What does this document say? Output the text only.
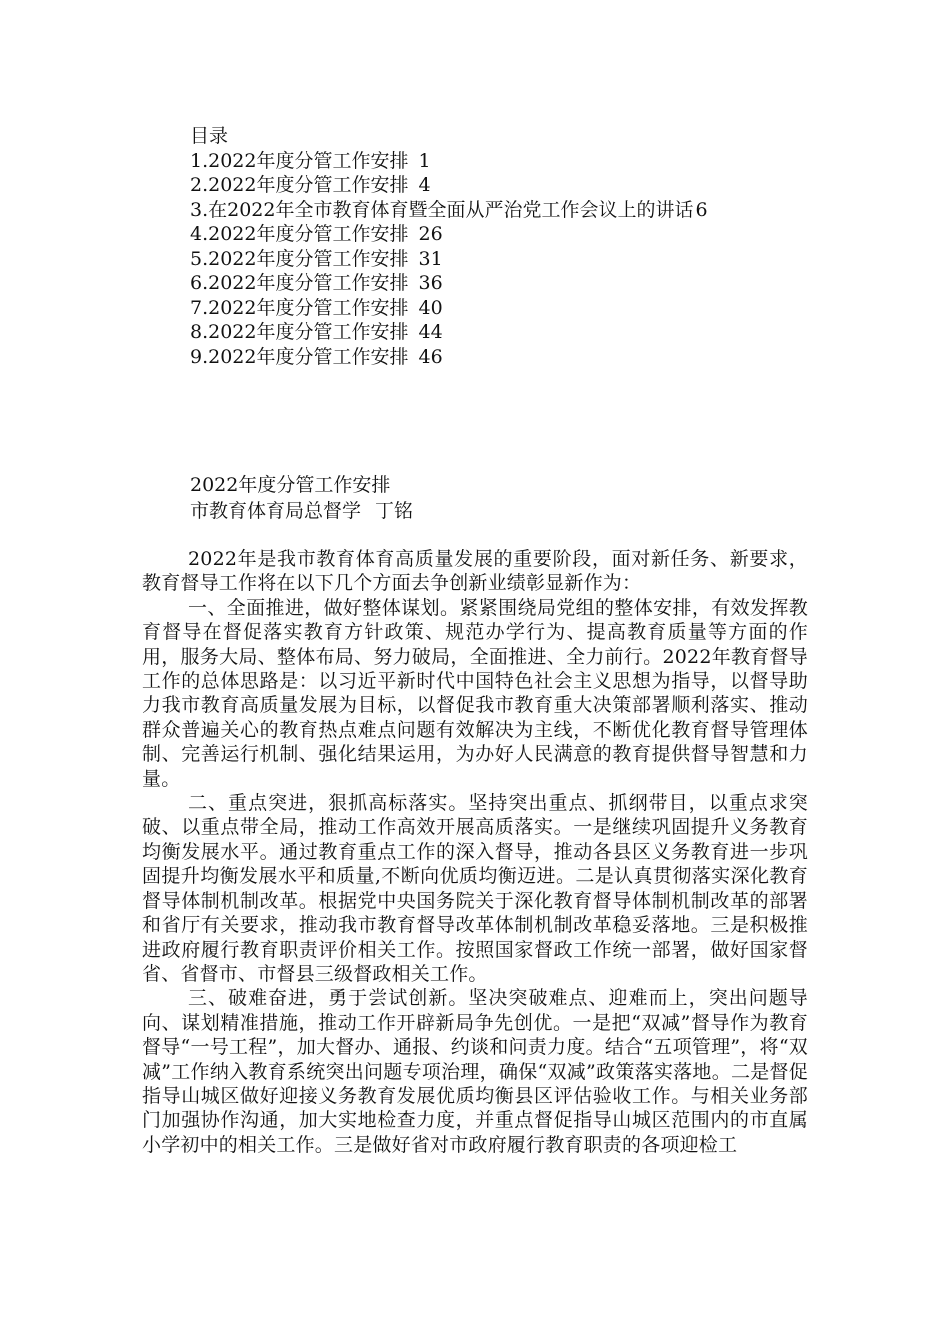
目录
1.2022年度分管工作安排 1
2.2022年度分管工作安排 4
3.在2022年全市教育体育暨全面从严治党工作会议上的讲话 6
4.2022年度分管工作安排 26
5.2022年度分管工作安排 31
6.2022年度分管工作安排 36
7.2022年度分管工作安排 40
8.2022年度分管工作安排 44
9.2022年度分管工作安排 46
2022年度分管工作安排
市教育体育局总督学 丁铭

2022年是我市教育体育高质量发展的重要阶段，面对新任务、新要求，教育督导工作将在以下几个方面去争创新业绩彰显新作为：

一、全面推进，做好整体谋划。紧紧围绕局党组的整体安排，有效发挥教育督导在督促落实教育方针政策、规范办学行为、提高教育质量等方面的作用，服务大局、整体布局、努力破局，全面推进、全力前行。2022年教育督导工作的总体思路是：以习近平新时代中国特色社会主义思想为指导，以督导助力我市教育高质量发展为目标，以督促我市教育重大决策部署顺利落实、推动群众普遍关心的教育热点难点问题有效解决为主线，不断优化教育督导管理体制、完善运行机制、强化结果运用，为办好人民满意的教育提供督导智慧和力量。

二、重点突进，狠抓高标落实。坚持突出重点、抓纲带目，以重点求突破、以重点带全局，推动工作高效开展高质落实。一是继续巩固提升义务教育均衡发展水平。通过教育重点工作的深入督导，推动各县区义务教育进一步巩固提升均衡发展水平和质量,不断向优质均衡迈进。二是认真贯彻落实深化教育督导体制机制改革。根据党中央国务院关于深化教育督导体制机制改革的部署和省厅有关要求，推动我市教育督导改革体制机制改革稳妥落地。三是积极推进政府履行教育职责评价相关工作。按照国家督政工作统一部署，做好国家督省、省督市、市督县三级督政相关工作。

三、破难奋进，勇于尝试创新。坚决突破难点、迎难而上，突出问题导向、谋划精准措施，推动工作开辟新局争先创优。一是把“双减”督导作为教育督导“一号工程”，加大督办、通报、约谈和问责力度。结合“五项管理”，将“双减”工作纳入教育系统突出问题专项治理，确保“双减”政策落实落地。二是督促指导山城区做好迎接义务教育发展优质均衡县区评估验收工作。与相关业务部门加强协作沟通，加大实地检查力度，并重点督促指导山城区范围内的市直属小学初中的相关工作。三是做好省对市政府履行教育职责的各项迎检工
